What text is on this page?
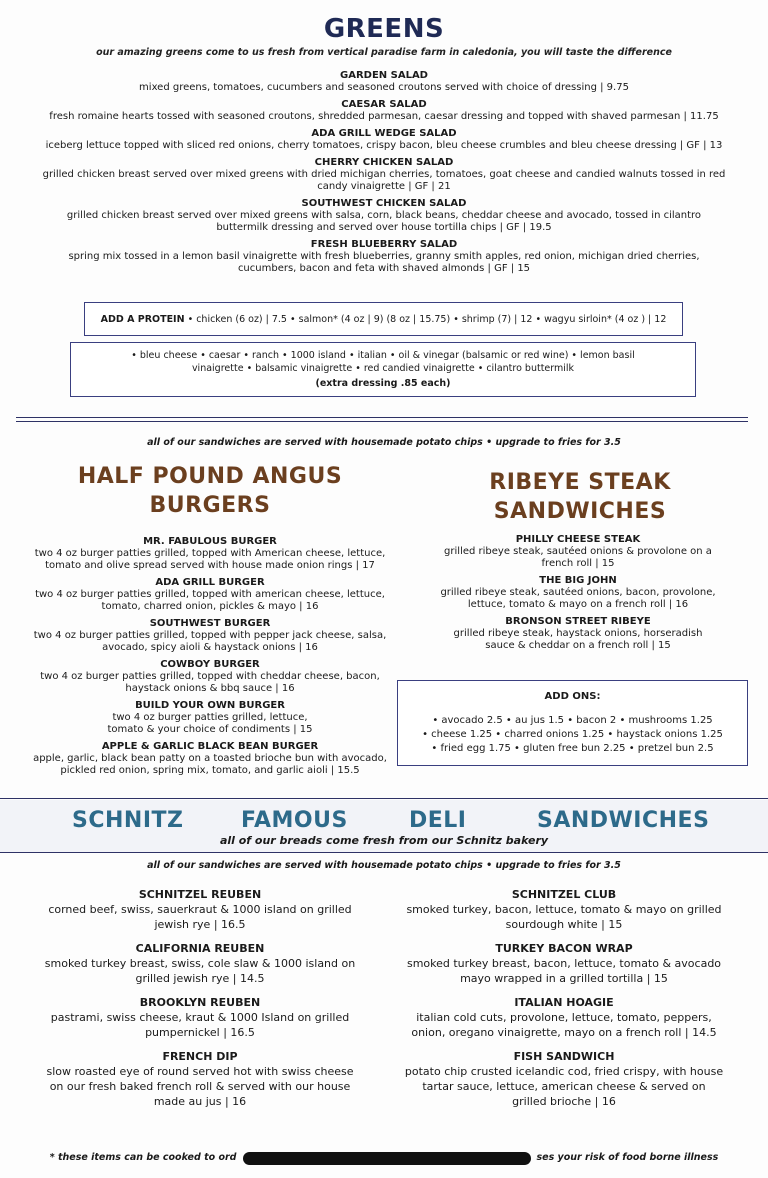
GREENS
our amazing greens come to us fresh from vertical paradise farm in caledonia, you will taste the difference
GARDEN SALAD
mixed greens, tomatoes, cucumbers and seasoned croutons served with choice of dressing | 9.75
CAESAR SALAD
fresh romaine hearts tossed with seasoned croutons, shredded parmesan, caesar dressing and topped with shaved parmesan | 11.75
ADA GRILL WEDGE SALAD
iceberg lettuce topped with sliced red onions, cherry tomatoes, crispy bacon, bleu cheese crumbles and bleu cheese dressing | GF | 13
CHERRY CHICKEN SALAD
grilled chicken breast served over mixed greens with dried michigan cherries, tomatoes, goat cheese and candied walnuts tossed in red candy vinaigrette | GF | 21
SOUTHWEST CHICKEN SALAD
grilled chicken breast served over mixed greens with salsa, corn, black beans, cheddar cheese and avocado, tossed in cilantro buttermilk dressing and served over house tortilla chips | GF | 19.5
FRESH BLUEBERRY SALAD
spring mix tossed in a lemon basil vinaigrette with fresh blueberries, granny smith apples, red onion, michigan dried cherries, cucumbers, bacon and feta with shaved almonds | GF | 15
ADD A PROTEIN • chicken (6 oz) | 7.5 • salmon* (4 oz | 9) (8 oz | 15.75) • shrimp (7) | 12 • wagyu sirloin* (4 oz ) | 12
• bleu cheese • caesar • ranch • 1000 island • italian • oil & vinegar (balsamic or red wine) • lemon basil vinaigrette • balsamic vinaigrette • red candied vinaigrette • cilantro buttermilk
(extra dressing .85 each)
all of our sandwiches are served with housemade potato chips • upgrade to fries for 3.5
HALF POUND ANGUS
BURGERS
MR. FABULOUS BURGER
two 4 oz burger patties grilled, topped with American cheese, lettuce, tomato and olive spread served with house made onion rings | 17
ADA GRILL BURGER
two 4 oz burger patties grilled, topped with american cheese, lettuce, tomato, charred onion, pickles & mayo | 16
SOUTHWEST BURGER
two 4 oz burger patties grilled, topped with pepper jack cheese, salsa, avocado, spicy aioli & haystack onions | 16
COWBOY BURGER
two 4 oz burger patties grilled, topped with cheddar cheese, bacon, haystack onions & bbq sauce | 16
BUILD YOUR OWN BURGER
two 4 oz burger patties grilled, lettuce, tomato & your choice of condiments | 15
APPLE & GARLIC BLACK BEAN BURGER
apple, garlic, black bean patty on a toasted brioche bun with avocado, pickled red onion, spring mix, tomato, and garlic aioli | 15.5
RIBEYE STEAK
SANDWICHES
PHILLY CHEESE STEAK
grilled ribeye steak, sautéed onions & provolone on a french roll | 15
THE BIG JOHN
grilled ribeye steak, sautéed onions, bacon, provolone, lettuce, tomato & mayo on a french roll | 16
BRONSON STREET RIBEYE
grilled ribeye steak, haystack onions, horseradish sauce & cheddar on a french roll | 15
ADD ONS:
• avocado 2.5 • au jus 1.5 • bacon 2 • mushrooms 1.25
• cheese 1.25 • charred onions 1.25 • haystack onions 1.25
• fried egg 1.75 • gluten free bun 2.25 • pretzel bun 2.5
SCHNITZ	FAMOUS	DELI	SANDWICHES
all of our breads come fresh from our Schnitz bakery
all of our sandwiches are served with housemade potato chips • upgrade to fries for 3.5
SCHNITZEL REUBEN
corned beef, swiss, sauerkraut & 1000 island on grilled jewish rye | 16.5
CALIFORNIA REUBEN
smoked turkey breast, swiss, cole slaw & 1000 island on grilled jewish rye | 14.5
BROOKLYN REUBEN
pastrami, swiss cheese, kraut & 1000 Island on grilled pumpernickel | 16.5
FRENCH DIP
slow roasted eye of round served hot with swiss cheese on our fresh baked french roll & served with our house made au jus | 16
SCHNITZEL CLUB
smoked turkey, bacon, lettuce, tomato & mayo on grilled sourdough white | 15
TURKEY BACON WRAP
smoked turkey breast, bacon, lettuce, tomato & avocado mayo wrapped in a grilled tortilla | 15
ITALIAN HOAGIE
italian cold cuts, provolone, lettuce, tomato, peppers, onion, oregano vinaigrette, mayo on a french roll | 14.5
FISH SANDWICH
potato chip crusted icelandic cod, fried crispy, with house tartar sauce, lettuce, american cheese & served on grilled brioche | 16
* these items can be cooked to ord	ses your risk of food borne illness
